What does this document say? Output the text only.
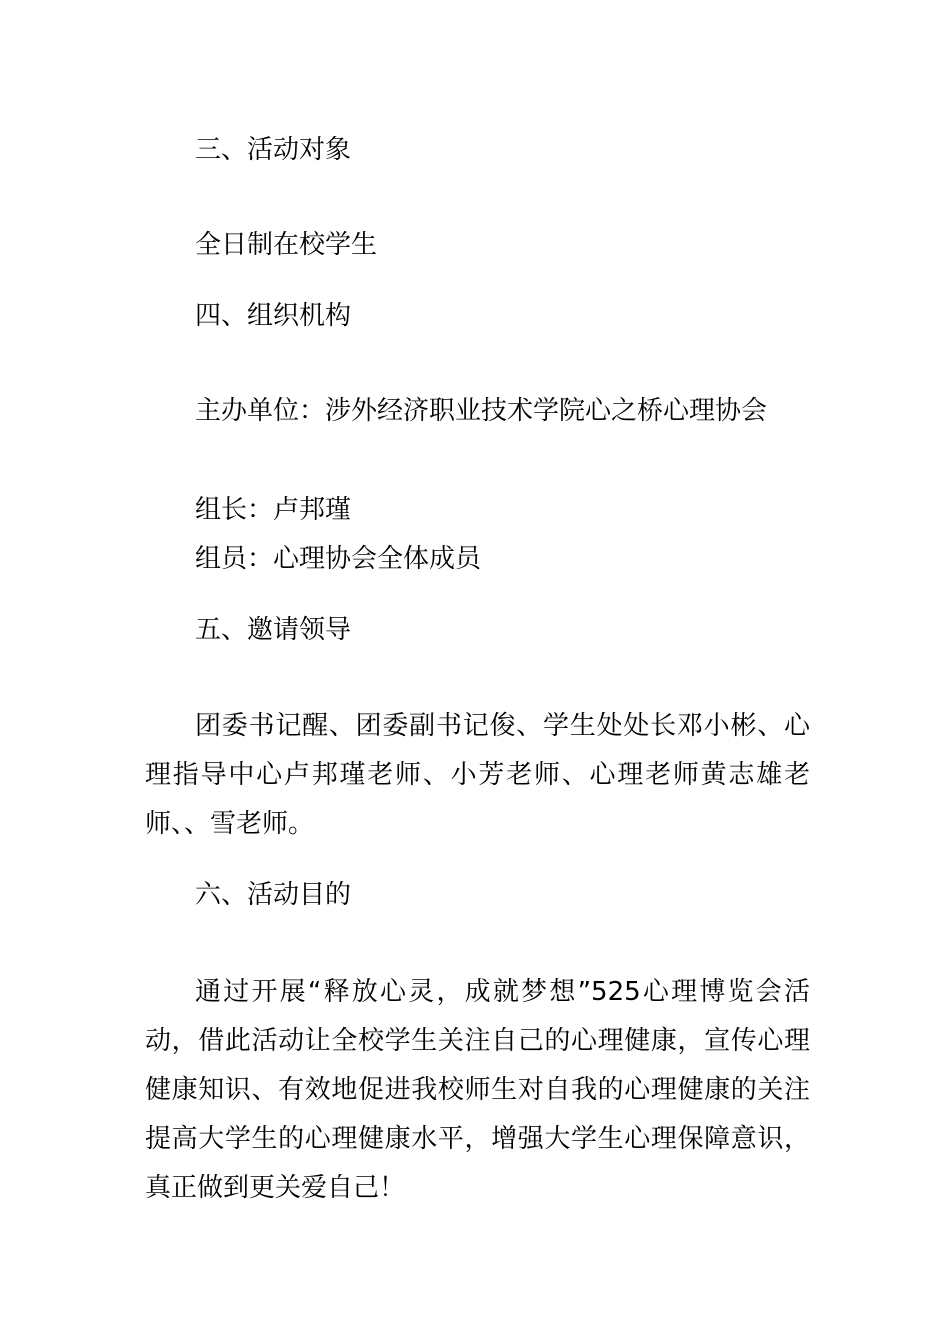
三、活动对象

全日制在校学生

四、组织机构

主办单位：涉外经济职业技术学院心之桥心理协会

组长：卢邦瑾

组员：心理协会全体成员

五、邀请领导

团委书记醒、团委副书记俊、学生处处长邓小彬、心理指导中心卢邦瑾老师、小芳老师、心理老师黄志雄老师、、雪老师。

六、活动目的

通过开展“释放心灵，成就梦想”525心理博览会活动，借此活动让全校学生关注自己的心理健康，宣传心理健康知识、有效地促进我校师生对自我的心理健康的关注提高大学生的心理健康水平，增强大学生心理保障意识，真正做到更关爱自己！
